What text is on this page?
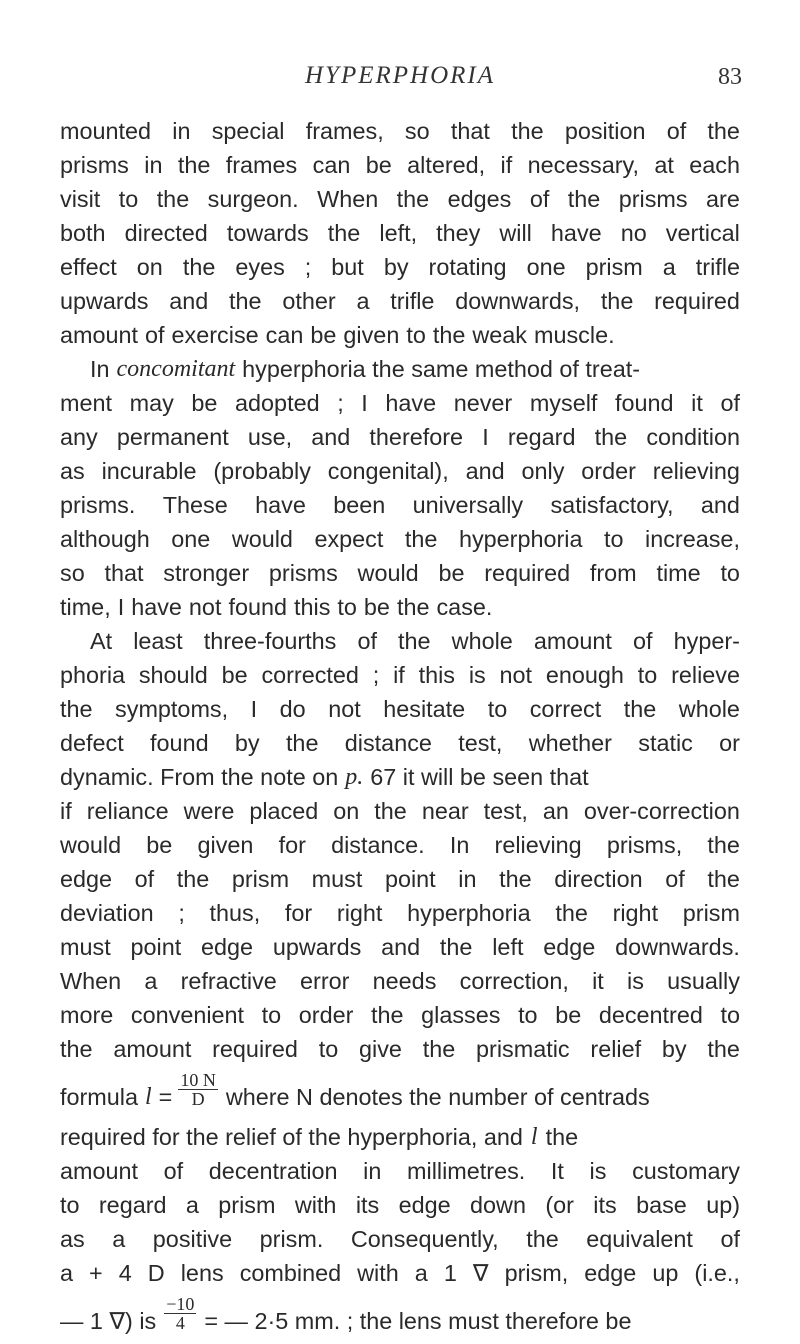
HYPERPHORIA	83
mounted in special frames, so that the position of the
prisms in the frames can be altered, if necessary, at each
visit to the surgeon. When the edges of the prisms are
both directed towards the left, they will have no vertical
effect on the eyes ; but by rotating one prism a trifle
upwards and the other a trifle downwards, the required
amount of exercise can be given to the weak muscle.
In concomitant hyperphoria the same method of treat-
ment may be adopted ; I have never myself found it of
any permanent use, and therefore I regard the condition
as incurable (probably congenital), and only order relieving
prisms. These have been universally satisfactory, and
although one would expect the hyperphoria to increase,
so that stronger prisms would be required from time to
time, I have not found this to be the case.
At least three-fourths of the whole amount of hyper-
phoria should be corrected ; if this is not enough to relieve
the symptoms, I do not hesitate to correct the whole
defect found by the distance test, whether static or
dynamic. From the note on p. 67 it will be seen that
if reliance were placed on the near test, an over-correction
would be given for distance. In relieving prisms, the
edge of the prism must point in the direction of the
deviation ; thus, for right hyperphoria the right prism
must point edge upwards and the left edge downwards.
When a refractive error needs correction, it is usually
more convenient to order the glasses to be decentred to
the amount required to give the prismatic relief by the
formula $l = \frac{10 N}{D}$ where N denotes the number of centrads
required for the relief of the hyperphoria, and l the
amount of decentration in millimetres. It is customary
to regard a prism with its edge down (or its base up)
as a positive prism. Consequently, the equivalent of
a + 4 D lens combined with a 1 ∇ prism, edge up (i.e.,
— 1 ∇) is $\frac{-10}{4}$ = — 2·5 mm. ; the lens must therefore be
